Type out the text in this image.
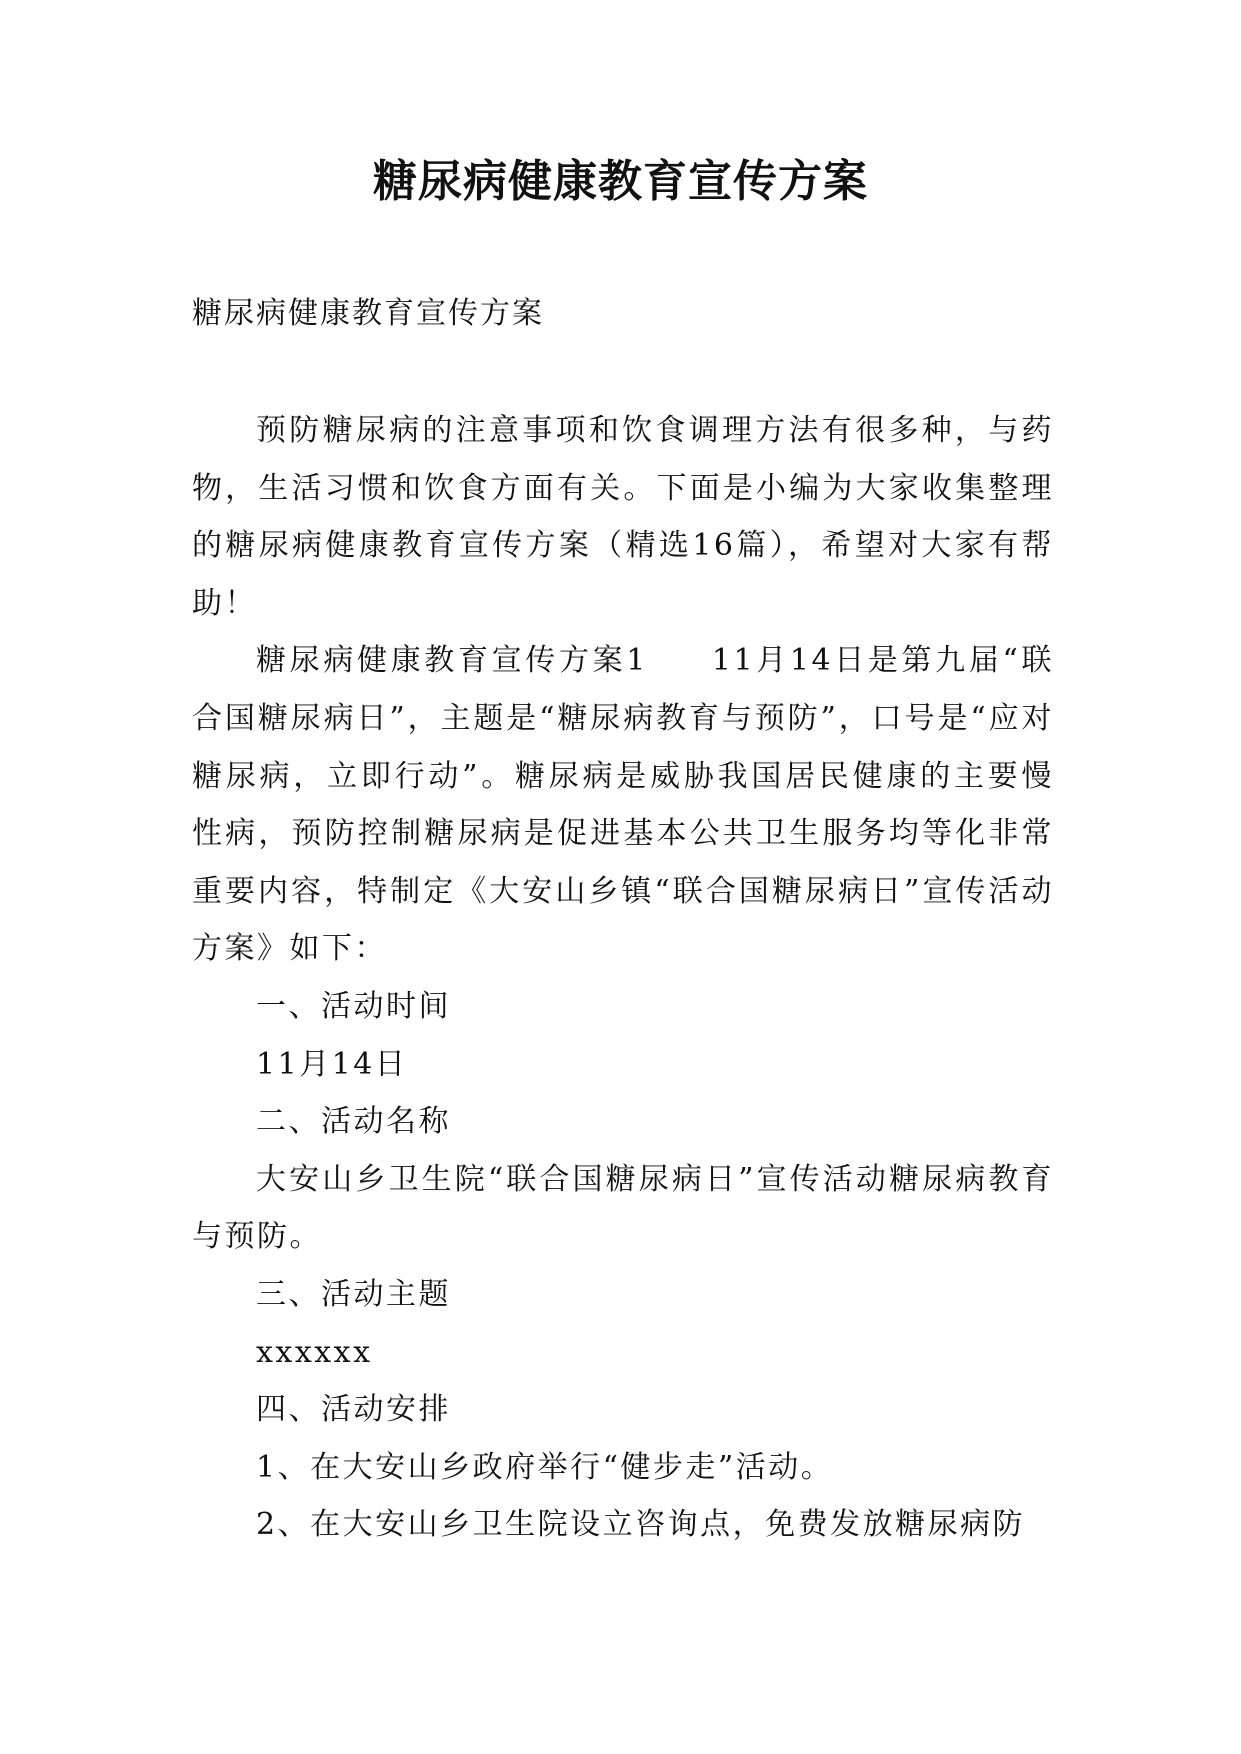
糖尿病健康教育宣传方案

糖尿病健康教育宣传方案

预防糖尿病的注意事项和饮食调理方法有很多种，与药物，生活习惯和饮食方面有关。下面是小编为大家收集整理的糖尿病健康教育宣传方案（精选16篇），希望对大家有帮助！

糖尿病健康教育宣传方案1 11月14日是第九届“联合国糖尿病日”，主题是“糖尿病教育与预防”，口号是“应对糖尿病，立即行动”。糖尿病是威胁我国居民健康的主要慢性病，预防控制糖尿病是促进基本公共卫生服务均等化非常重要内容，特制定《大安山乡镇“联合国糖尿病日”宣传活动方案》如下：

一、活动时间

11月14日

二、活动名称

大安山乡卫生院“联合国糖尿病日”宣传活动糖尿病教育与预防。

三、活动主题

xxxxxx

四、活动安排

1、在大安山乡政府举行“健步走”活动。

2、在大安山乡卫生院设立咨询点，免费发放糖尿病防
